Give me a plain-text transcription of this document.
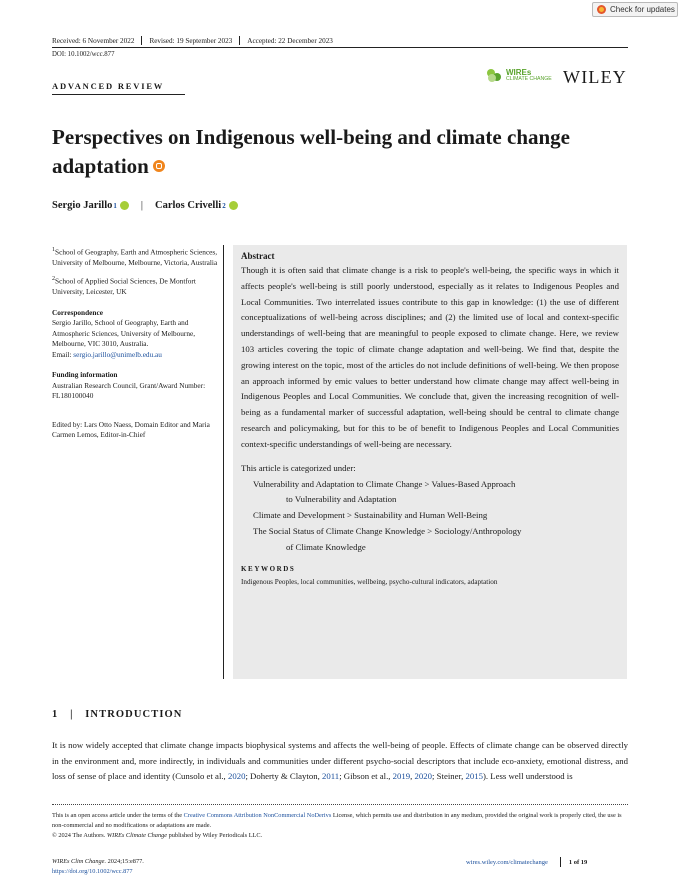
Check for updates
Received: 6 November 2022 Revised: 19 September 2023 Accepted: 22 December 2023
DOI: 10.1002/wcc.877
ADVANCED REVIEW
WIREs
CLIMATE CHANGE WILEY
Perspectives on Indigenous well-being and climate change adaptation
Sergio Jarillo 1 | Carlos Crivelli 2

$^1$School of Geography, Earth and Atmospheric Sciences, University of Melbourne, Melbourne, Victoria, Australia

$^2$School of Applied Social Sciences, De Montfort University, Leicester, UK

Correspondence

Sergio Jarillo, School of Geography, Earth and Atmospheric Sciences, University of Melbourne, Melbourne, VIC 3010, Australia.

Email: sergio.jarillo@unimelb.edu.au

Funding information

Australian Research Council, Grant/Award Number: FL180100040

Edited by: Lars Otto Naess, Domain Editor and Maria Carmen Lemos, Editor-in-Chief

Abstract

Though it is often said that climate change is a risk to people's well-being, the specific ways in which it affects people's well-being is still poorly understood, especially as it relates to Indigenous Peoples and Local Communities. Two interrelated issues contribute to this gap in knowledge: (1) the use of different conceptualizations of well-being across disciplines; and (2) the limited use of local and context-specific understandings of well-being that are meaningful to people exposed to climate change. Here, we review 103 articles covering the topic of climate change adaptation and well-being. We find that, despite the growing interest on the topic, most of the articles do not include definitions of well-being. We then propose an approach informed by emic values to better understand how climate change may affect well-being in Indigenous Peoples and Local Communities. We conclude that, given the increasing recognition of well-being as a fundamental marker of successful adaptation, well-being should be central to climate change research and policymaking, but for this to be of benefit to Indigenous Peoples and Local Communities context-specific understandings of well-being are necessary.

This article is categorized under:
Vulnerability and Adaptation to Climate Change > Values-Based Approach
to Vulnerability and Adaptation
Climate and Development > Sustainability and Human Well-Being
The Social Status of Climate Change Knowledge > Sociology/Anthropology
of Climate Knowledge
KEYWORDS
Indigenous Peoples, local communities, wellbeing, psycho-cultural indicators, adaptation
1 | INTRODUCTION
It is now widely accepted that climate change impacts biophysical systems and affects the well-being of people. Effects of climate change can be observed directly in the environment and, more indirectly, in individuals and communities under different psycho-social descriptors that include eco-anxiety, emotional distress, and loss of sense of place and identity (Cunsolo et al., 2020; Doherty & Clayton, 2011; Gibson et al., 2019, 2020; Steiner, 2015). Less well understood is
This is an open access article under the terms of the Creative Commons Attribution NonCommercial NoDerivs License, which permits use and distribution in any medium, provided the original work is properly cited, the use is non-commercial and no modifications or adaptations are made.
© 2024 The Authors. WIREs Climate Change published by Wiley Periodicals LLC.
WIREs Clim Change. 2024;15:e877.
https://doi.org/10.1002/wcc.877
wires.wiley.com/climatechange	1 of 19
